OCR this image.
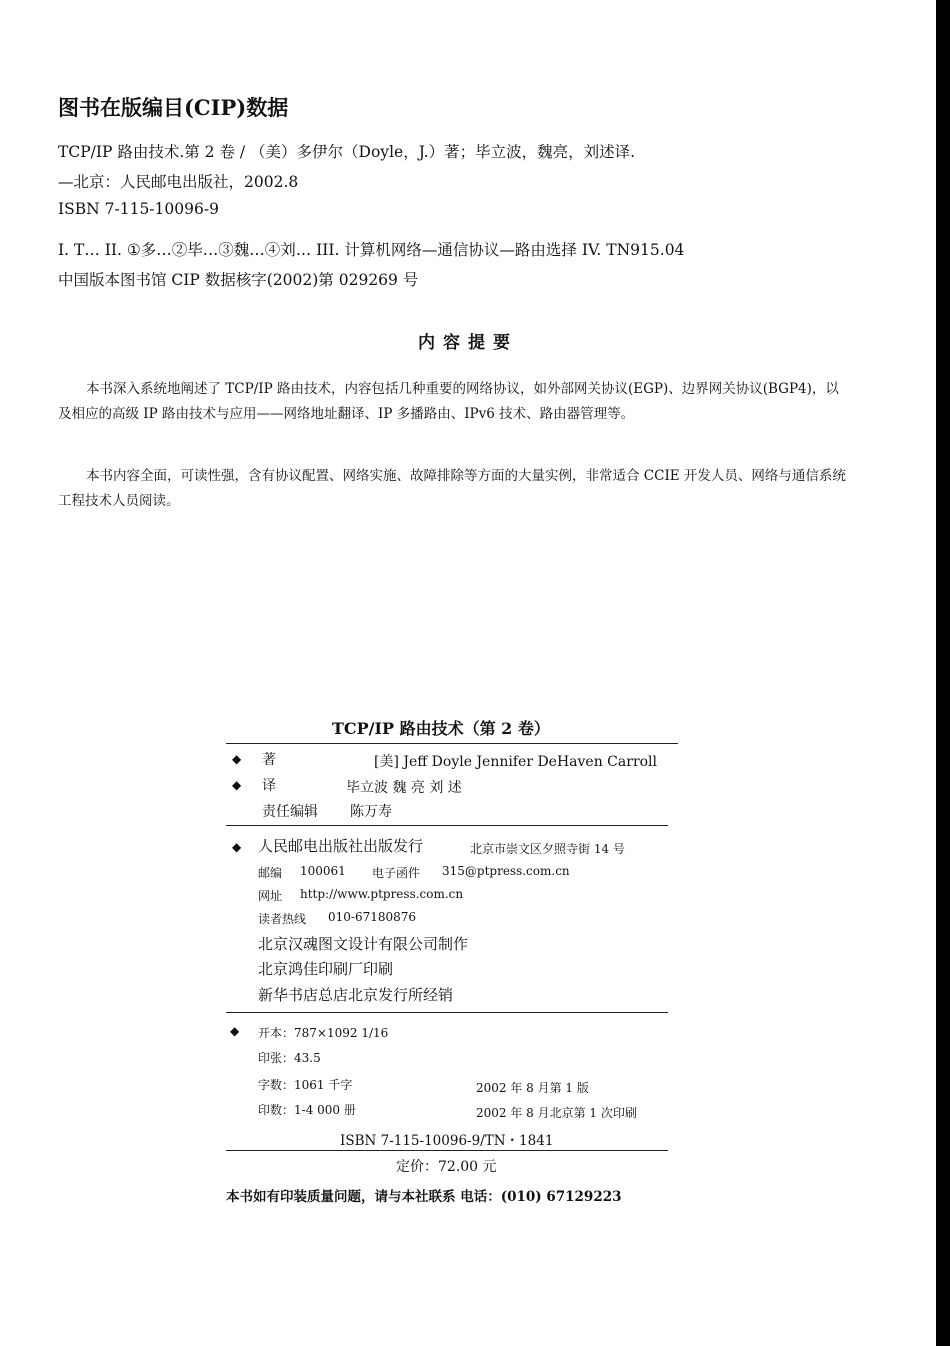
图书在版编目(CIP)数据
TCP/IP 路由技术.第 2 卷 / （美）多伊尔（Doyle，J.）著；毕立波，魏亮，刘述译.
—北京：人民邮电出版社，2002.8
ISBN 7-115-10096-9
I. T… II. ①多…②毕…③魏…④刘… III. 计算机网络—通信协议—路由选择 IV. TN915.04
中国版本图书馆 CIP 数据核字(2002)第 029269 号
内容提要
本书深入系统地阐述了 TCP/IP 路由技术，内容包括几种重要的网络协议，如外部网关协议(EGP)、边界网关协议(BGP4)，以及相应的高级 IP 路由技术与应用——网络地址翻译、IP 多播路由、IPv6 技术、路由器管理等。
本书内容全面，可读性强，含有协议配置、网络实施、故障排除等方面的大量实例，非常适合 CCIE 开发人员、网络与通信系统工程技术人员阅读。
TCP/IP 路由技术（第 2 卷）
◆ 著	[美] Jeff Doyle Jennifer DeHaven Carroll
◆ 译	毕立波 魏 亮 刘 述
责任编辑 陈万寿
◆ 人民邮电出版社出版发行	北京市崇文区夕照寺街 14 号
邮编 100061 电子函件 315@ptpress.com.cn
网址 http://www.ptpress.com.cn
读者热线 010-67180876
北京汉魂图文设计有限公司制作
北京鸿佳印刷厂印刷
新华书店总店北京发行所经销
◆ 开本：787×1092 1/16
印张：43.5
字数：1061 千字	2002 年 8 月第 1 版
印数：1-4 000 册	2002 年 8 月北京第 1 次印刷
ISBN 7-115-10096-9/TN・1841
定价：72.00 元
本书如有印装质量问题，请与本社联系 电话：(010) 67129223
